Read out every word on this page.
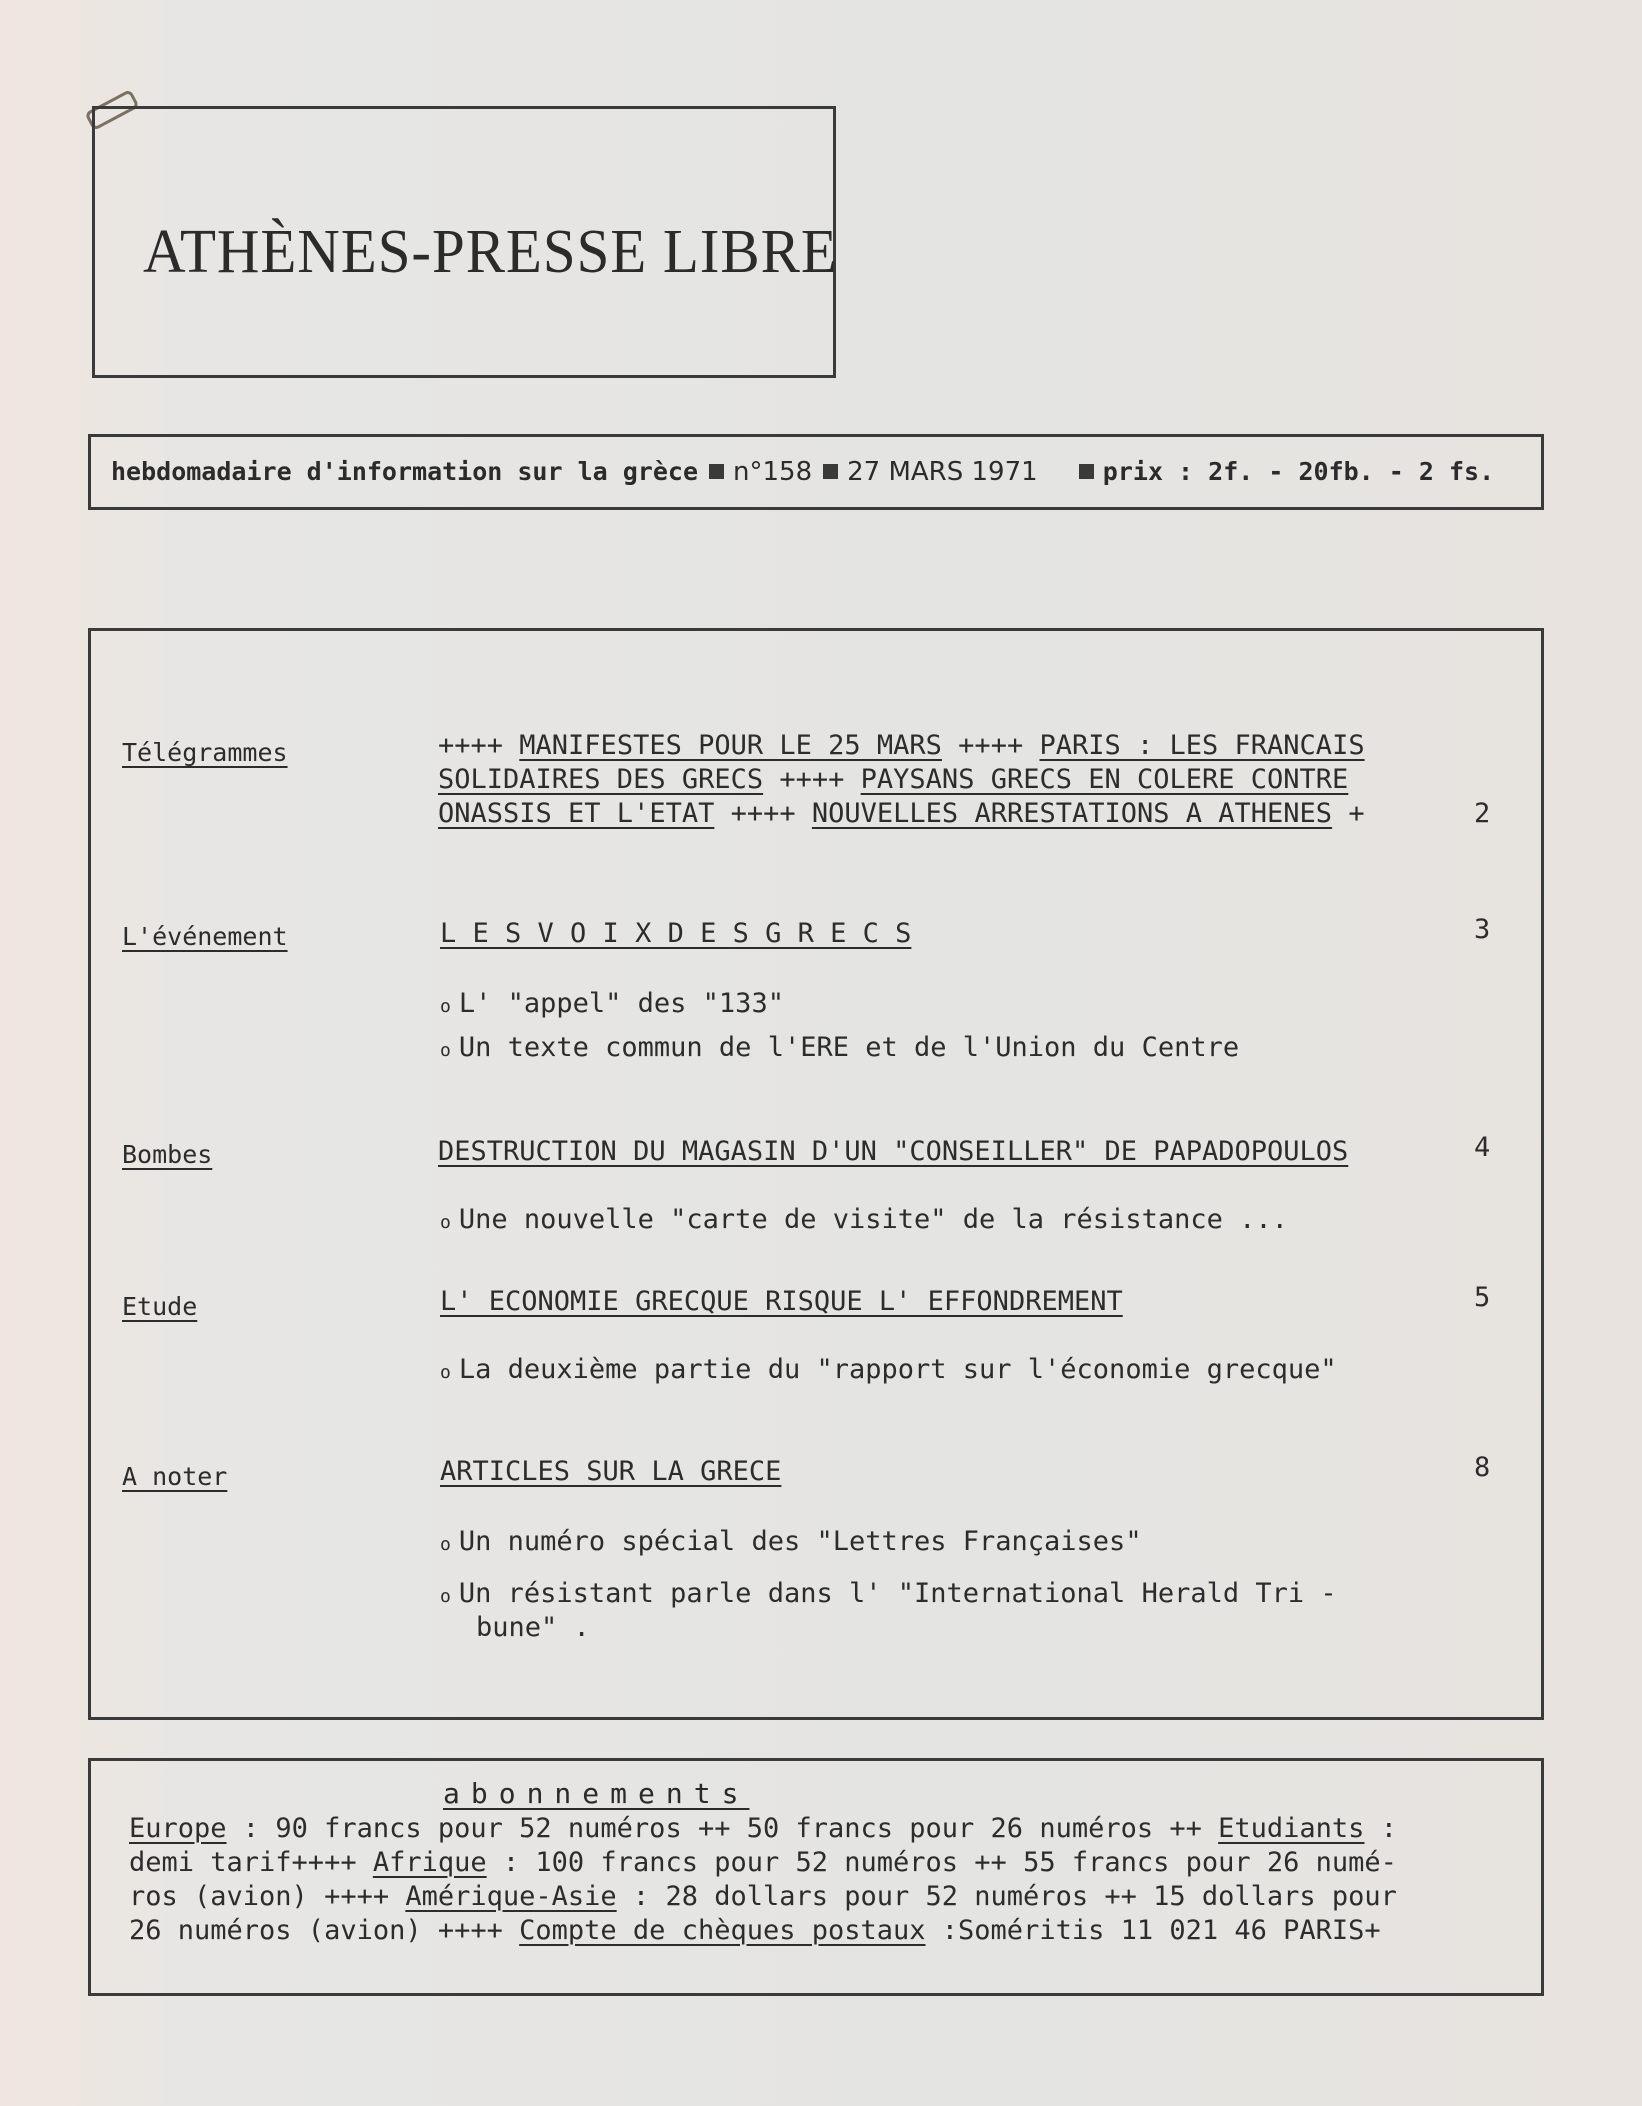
ATHÈNES-PRESSE LIBRE
hebdomadaire d'information sur la grèce n°158 27 MARS 1971	prix : 2f. - 20fb. - 2 fs.
Télégrammes	++++ MANIFESTES POUR LE 25 MARS ++++ PARIS : LES FRANCAIS
SOLIDAIRES DES GRECS ++++ PAYSANS GRECS EN COLERE CONTRE
ONASSIS ET L'ETAT ++++ NOUVELLES ARRESTATIONS A ATHENES +	2
L'événement	L E S V O I X D E S G R E C S	3
o L' "appel" des "133"
o Un texte commun de l'ERE et de l'Union du Centre
Bombes	DESTRUCTION DU MAGASIN D'UN "CONSEILLER" DE PAPADOPOULOS	4
o Une nouvelle "carte de visite" de la résistance ...
Etude	L' ECONOMIE GRECQUE RISQUE L' EFFONDREMENT	5
o La deuxième partie du "rapport sur l'économie grecque"
A noter	ARTICLES SUR LA GRECE	8
o Un numéro spécial des "Lettres Françaises"
o Un résistant parle dans l' "International Herald Tri -
bune" .
abonnements
Europe : 90 francs pour 52 numéros ++ 50 francs pour 26 numéros ++ Etudiants :
demi tarif++++ Afrique : 100 francs pour 52 numéros ++ 55 francs pour 26 numé-
ros (avion) ++++ Amérique-Asie : 28 dollars pour 52 numéros ++ 15 dollars pour
26 numéros (avion) ++++ Compte de chèques postaux :Soméritis 11 021 46 PARIS+
